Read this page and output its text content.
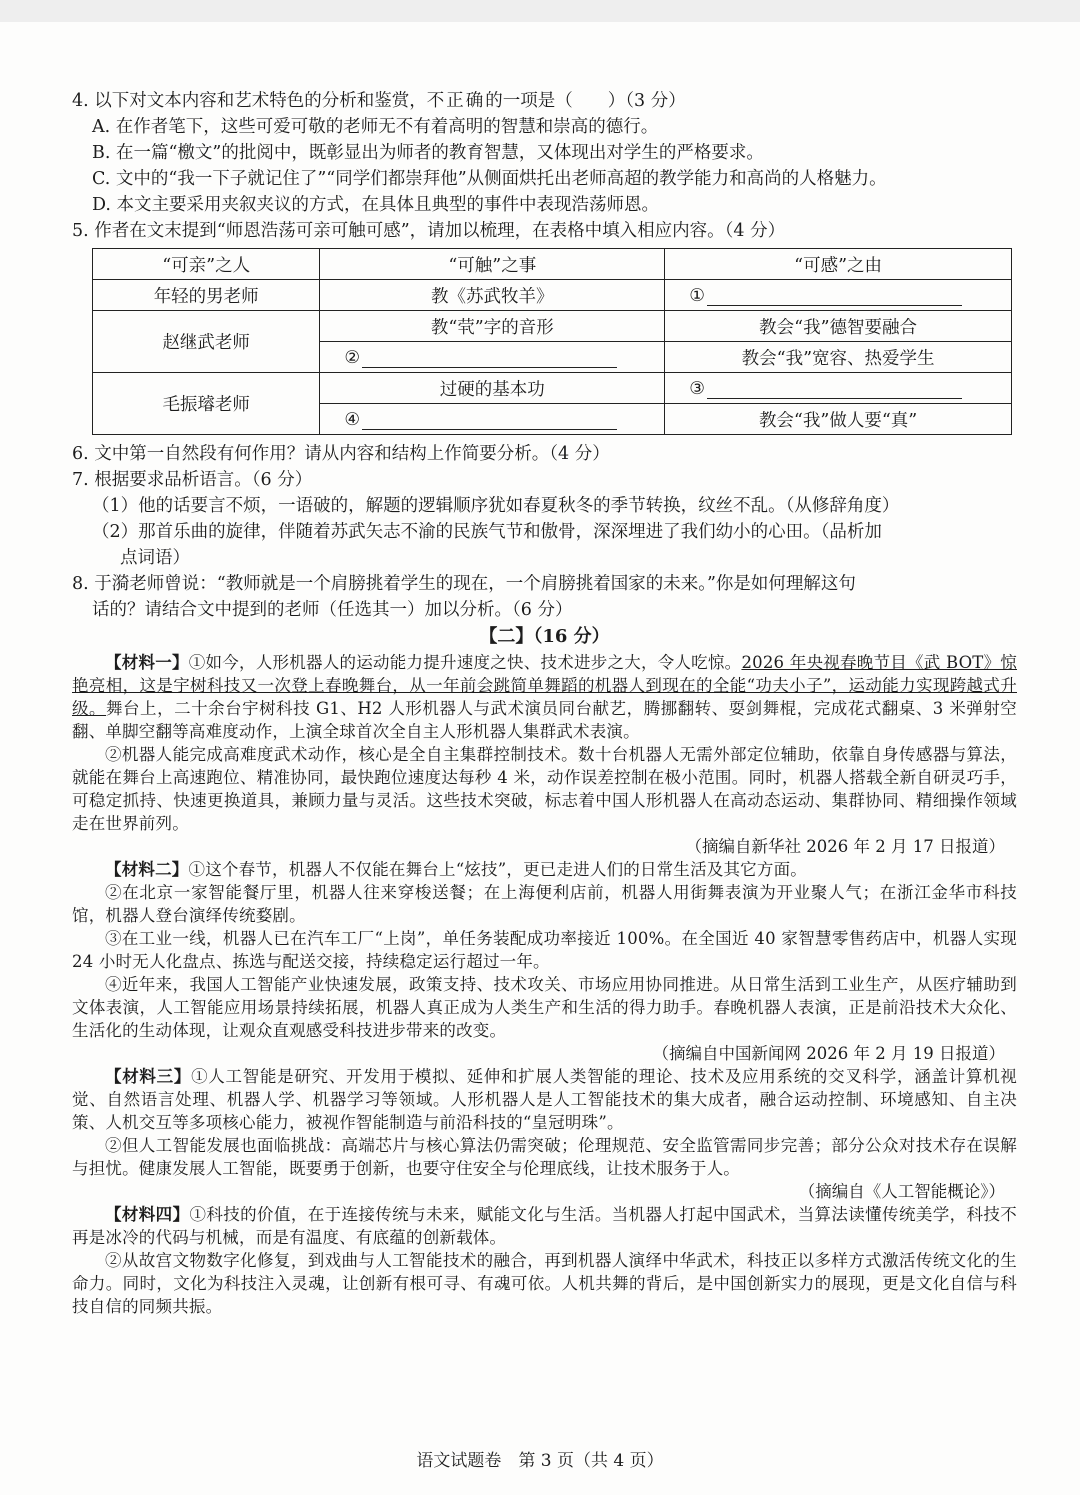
4. 以下对文本内容和艺术特色的分析和鉴赏，不正确的一项是（　　）（3 分）
A. 在作者笔下，这些可爱可敬的老师无不有着高明的智慧和崇高的德行。
B. 在一篇“檄文”的批阅中，既彰显出为师者的教育智慧，又体现出对学生的严格要求。
C. 文中的“我一下子就记住了”“同学们都崇拜他”从侧面烘托出老师高超的教学能力和高尚的人格魅力。
D. 本文主要采用夹叙夹议的方式，在具体且典型的事件中表现浩荡师恩。
5. 作者在文末提到“师恩浩荡可亲可触可感”，请加以梳理，在表格中填入相应内容。（4 分）
“可亲”之人	“可触”之事	“可感”之由
年轻的男老师	教《苏武牧羊》	①
赵继武老师	教“茕”字的音形	教会“我”德智要融合
	②	教会“我”宽容、热爱学生
毛振璿老师	过硬的基本功	③
	④	教会“我”做人要“真”
6. 文中第一自然段有何作用？请从内容和结构上作简要分析。（4 分）
7. 根据要求品析语言。（6 分）
（1）他的话要言不烦，一语破的，解题的逻辑顺序犹如春夏秋冬的季节转换，纹丝不乱。（从修辞角度）
（2）那首乐曲的旋律，伴随着苏武矢志不渝的民族气节和傲骨，深深埋进了我们幼小的心田。（品析加
点词语）
8. 于漪老师曾说：“教师就是一个肩膀挑着学生的现在，一个肩膀挑着国家的未来。”你是如何理解这句
话的？请结合文中提到的老师（任选其一）加以分析。（6 分）
【二】（16 分）

【材料一】①如今，人形机器人的运动能力提升速度之快、技术进步之大，令人吃惊。2026 年央视春晚节目《武 BOT》惊艳亮相，这是宇树科技又一次登上春晚舞台，从一年前会跳简单舞蹈的机器人到现在的全能“功夫小子”，运动能力实现跨越式升级。舞台上，二十余台宇树科技 G1、H2 人形机器人与武术演员同台献艺，腾挪翻转、耍剑舞棍，完成花式翻桌、3 米弹射空翻、单脚空翻等高难度动作，上演全球首次全自主人形机器人集群武术表演。

②机器人能完成高难度武术动作，核心是全自主集群控制技术。数十台机器人无需外部定位辅助，依靠自身传感器与算法，就能在舞台上高速跑位、精准协同，最快跑位速度达每秒 4 米，动作误差控制在极小范围。同时，机器人搭载全新自研灵巧手，可稳定抓持、快速更换道具，兼顾力量与灵活。这些技术突破，标志着中国人形机器人在高动态运动、集群协同、精细操作领域走在世界前列。

（摘编自新华社 2026 年 2 月 17 日报道）

【材料二】①这个春节，机器人不仅能在舞台上“炫技”，更已走进人们的日常生活及其它方面。

②在北京一家智能餐厅里，机器人往来穿梭送餐；在上海便利店前，机器人用街舞表演为开业聚人气；在浙江金华市科技馆，机器人登台演绎传统婺剧。

③在工业一线，机器人已在汽车工厂“上岗”，单任务装配成功率接近 100%。在全国近 40 家智慧零售药店中，机器人实现 24 小时无人化盘点、拣选与配送交接，持续稳定运行超过一年。

④近年来，我国人工智能产业快速发展，政策支持、技术攻关、市场应用协同推进。从日常生活到工业生产，从医疗辅助到文体表演，人工智能应用场景持续拓展，机器人真正成为人类生产和生活的得力助手。春晚机器人表演，正是前沿技术大众化、生活化的生动体现，让观众直观感受科技进步带来的改变。

（摘编自中国新闻网 2026 年 2 月 19 日报道）

【材料三】①人工智能是研究、开发用于模拟、延伸和扩展人类智能的理论、技术及应用系统的交叉科学，涵盖计算机视觉、自然语言处理、机器人学、机器学习等领域。人形机器人是人工智能技术的集大成者，融合运动控制、环境感知、自主决策、人机交互等多项核心能力，被视作智能制造与前沿科技的“皇冠明珠”。

②但人工智能发展也面临挑战：高端芯片与核心算法仍需突破；伦理规范、安全监管需同步完善；部分公众对技术存在误解与担忧。健康发展人工智能，既要勇于创新，也要守住安全与伦理底线，让技术服务于人。

（摘编自《人工智能概论》）

【材料四】①科技的价值，在于连接传统与未来，赋能文化与生活。当机器人打起中国武术，当算法读懂传统美学，科技不再是冰冷的代码与机械，而是有温度、有底蕴的创新载体。

②从故宫文物数字化修复，到戏曲与人工智能技术的融合，再到机器人演绎中华武术，科技正以多样方式激活传统文化的生命力。同时，文化为科技注入灵魂，让创新有根可寻、有魂可依。人机共舞的背后，是中国创新实力的展现，更是文化自信与科技自信的同频共振。

语文试题卷　第 3 页（共 4 页）
